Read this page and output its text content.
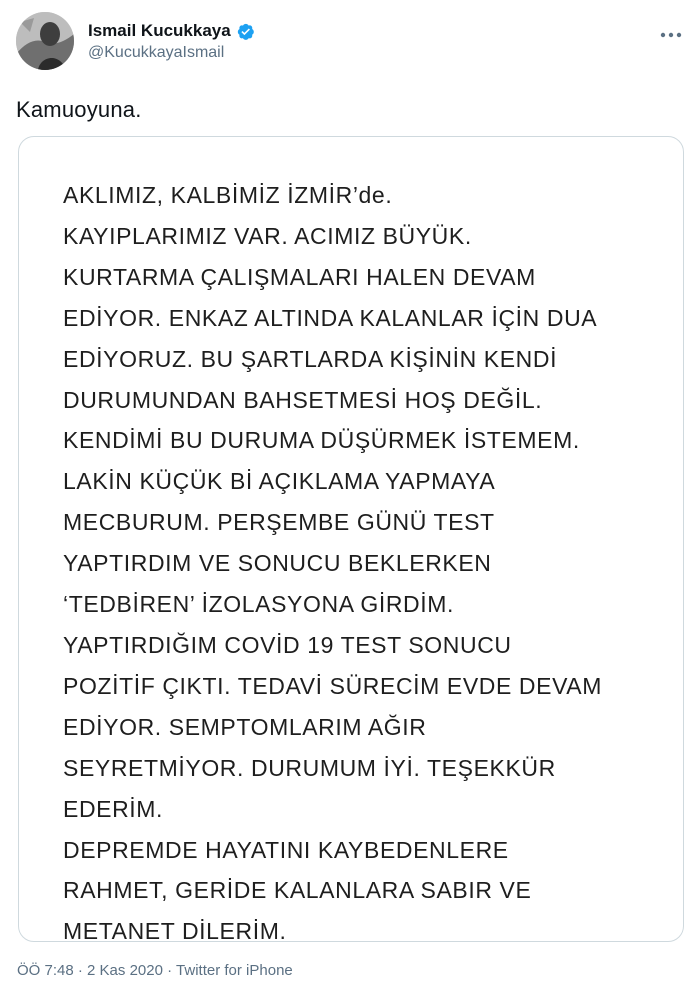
Ismail Kucukkaya
@KucukkayaIsmail
Kamuoyuna.
AKLIMIZ, KALBİMİZ İZMİR’de.
KAYIPLARIMIZ VAR. ACIMIZ BÜYÜK.
KURTARMA ÇALIŞMALARI HALEN DEVAM
EDİYOR. ENKAZ ALTINDA KALANLAR İÇİN DUA
EDİYORUZ. BU ŞARTLARDA KİŞİNİN KENDİ
DURUMUNDAN BAHSETMESİ HOŞ DEĞİL.
KENDİMİ BU DURUMA DÜŞÜRMEK İSTEMEM.
LAKİN KÜÇÜK Bİ AÇIKLAMA YAPMAYA
MECBURUM. PERŞEMBE GÜNÜ TEST
YAPTIRDIM VE SONUCU BEKLERKEN
‘TEDBİREN’ İZOLASYONA GİRDİM.
YAPTIRDIĞIM COVİD 19 TEST SONUCU
POZİTİF ÇIKTI. TEDAVİ SÜRECİM EVDE DEVAM
EDİYOR. SEMPTOMLARIM AĞIR
SEYRETMİYOR. DURUMUM İYİ. TEŞEKKÜR
EDERİM.
DEPREMDE HAYATINI KAYBEDENLERE
RAHMET, GERİDE KALANLARA SABIR VE
METANET DİLERİM.
ÖÖ 7:48 · 2 Kas 2020 · Twitter for iPhone
